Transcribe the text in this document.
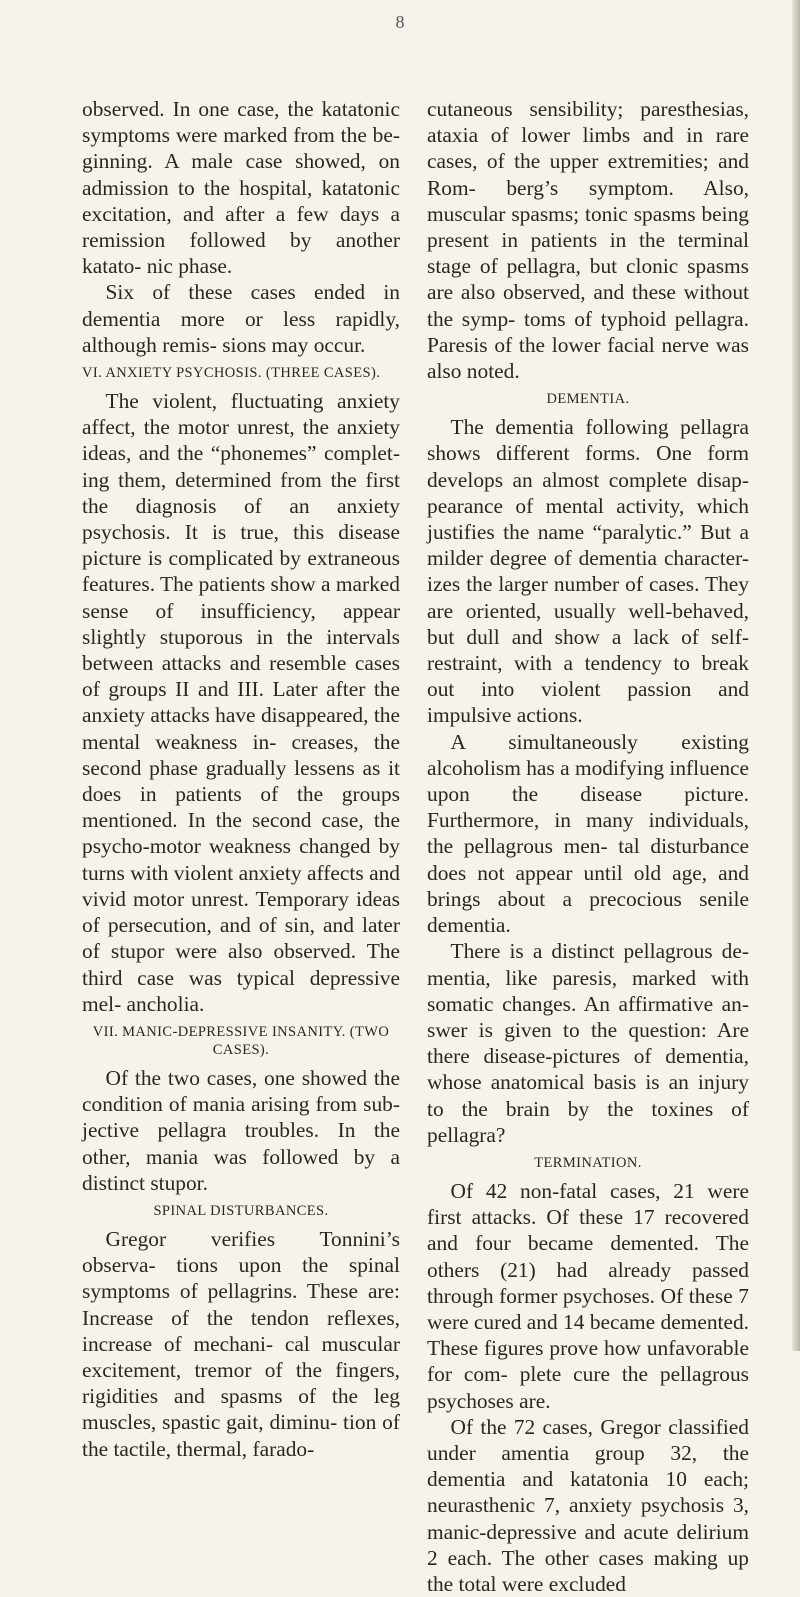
8

observed. In one case, the katatonic symptoms were marked from the be- ginning. A male case showed, on admission to the hospital, katatonic excitation, and after a few days a remission followed by another katato- nic phase.

Six of these cases ended in dementia more or less rapidly, although remis- sions may occur.

VI. ANXIETY PSYCHOSIS. (THREE CASES).

The violent, fluctuating anxiety affect, the motor unrest, the anxiety ideas, and the “phonemes” complet- ing them, determined from the first the diagnosis of an anxiety psychosis. It is true, this disease picture is complicated by extraneous features. The patients show a marked sense of insufficiency, appear slightly stuporous in the intervals between attacks and resemble cases of groups II and III. Later after the anxiety attacks have disappeared, the mental weakness in- creases, the second phase gradually lessens as it does in patients of the groups mentioned. In the second case, the psycho-motor weakness changed by turns with violent anxiety affects and vivid motor unrest. Temporary ideas of persecution, and of sin, and later of stupor were also observed. The third case was typical depressive mel- ancholia.

VII. MANIC-DEPRESSIVE INSANITY. (TWO CASES).

Of the two cases, one showed the condition of mania arising from sub- jective pellagra troubles. In the other, mania was followed by a distinct stupor.

SPINAL DISTURBANCES.

Gregor verifies Tonnini’s observa- tions upon the spinal symptoms of pellagrins. These are: Increase of the tendon reflexes, increase of mechani- cal muscular excitement, tremor of the fingers, rigidities and spasms of the leg muscles, spastic gait, diminu- tion of the tactile, thermal, farado-

cutaneous sensibility; paresthesias, ataxia of lower limbs and in rare cases, of the upper extremities; and Rom- berg’s symptom. Also, muscular spasms; tonic spasms being present in patients in the terminal stage of pellagra, but clonic spasms are also observed, and these without the symp- toms of typhoid pellagra. Paresis of the lower facial nerve was also noted.

DEMENTIA.

The dementia following pellagra shows different forms. One form develops an almost complete disap- pearance of mental activity, which justifies the name “paralytic.” But a milder degree of dementia character- izes the larger number of cases. They are oriented, usually well-behaved, but dull and show a lack of self-restraint, with a tendency to break out into violent passion and impulsive actions.

A simultaneously existing alcoholism has a modifying influence upon the disease picture. Furthermore, in many individuals, the pellagrous men- tal disturbance does not appear until old age, and brings about a precocious senile dementia.

There is a distinct pellagrous de- mentia, like paresis, marked with somatic changes. An affirmative an- swer is given to the question: Are there disease-pictures of dementia, whose anatomical basis is an injury to the brain by the toxines of pellagra?

TERMINATION.

Of 42 non-fatal cases, 21 were first attacks. Of these 17 recovered and four became demented. The others (21) had already passed through former psychoses. Of these 7 were cured and 14 became demented. These figures prove how unfavorable for com- plete cure the pellagrous psychoses are.

Of the 72 cases, Gregor classified under amentia group 32, the dementia and katatonia 10 each; neurasthenic 7, anxiety psychosis 3, manic-depressive and acute delirium 2 each. The other cases making up the total were excluded
